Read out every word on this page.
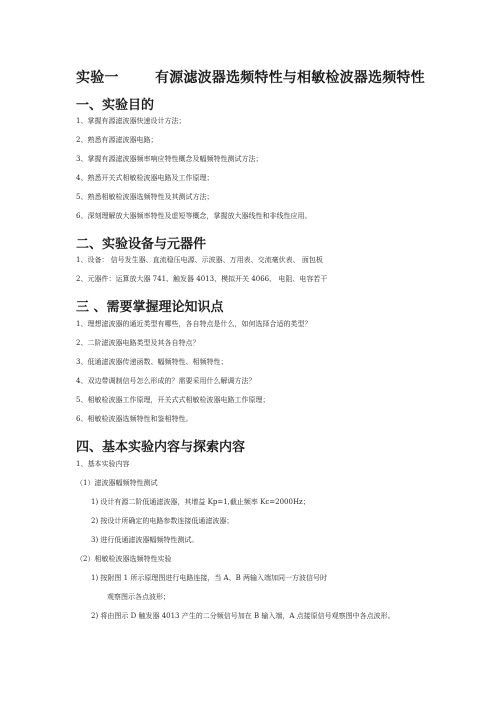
实验一	有源滤波器选频特性与相敏检波器选频特性
一、实验目的
1、掌握有源滤波器快速设计方法；
2、熟悉有源滤波器电路；
3、掌握有源滤波器频率响应特性概念及幅频特性测试方法；
4、熟悉开关式相敏检波器电路及工作原理；
5、熟悉相敏检波器选频特性及其测试方法；
6、深刻理解放大器频率特性及虚短等概念，掌握放大器线性和非线性应用。
二、实验设备与元器件
1、设备： 信号发生器、直流稳压电源、示波器、万用表、交流毫伏表、 面包板
2、元器件：运算放大器 741、触发器 4013、模拟开关 4066、 电阻、电容若干
三 、需要掌握理论知识点
1、理想滤波器的通近类型有哪些，各自特点是什么，如何选择合适的类型？
2、二阶滤波器电路类型及其各自特点？
3、低通滤波器传递函数、幅频特性、相频特性；
4、双边带调制信号怎么形成的？需要采用什么解调方法？
5、相敏检波器工作原理，开关式式相敏检波器电路工作原理；
6、相敏检波器选频特性和鉴相特性。
四、基本实验内容与探索内容
1、基本实验内容
（1）滤波器幅频特性测试
1) 设计有源二阶低通滤波器，其增益 Kp=1,截止频率 Kc=2000Hz；
2) 按设计所确定的电路参数连接低通滤波器；
3) 进行低通滤波器幅频特性测试。
（2）相敏检波器选频特性实验
1) 按附图 1 所示原理图进行电路连接，当 A、B 两输入端加同一方波信号时
观察图示各点波形；
2) 将由图示 D 触发器 4013 产生的二分频信号加在 B 输入端，A 点接原信号观察图中各点波形。
